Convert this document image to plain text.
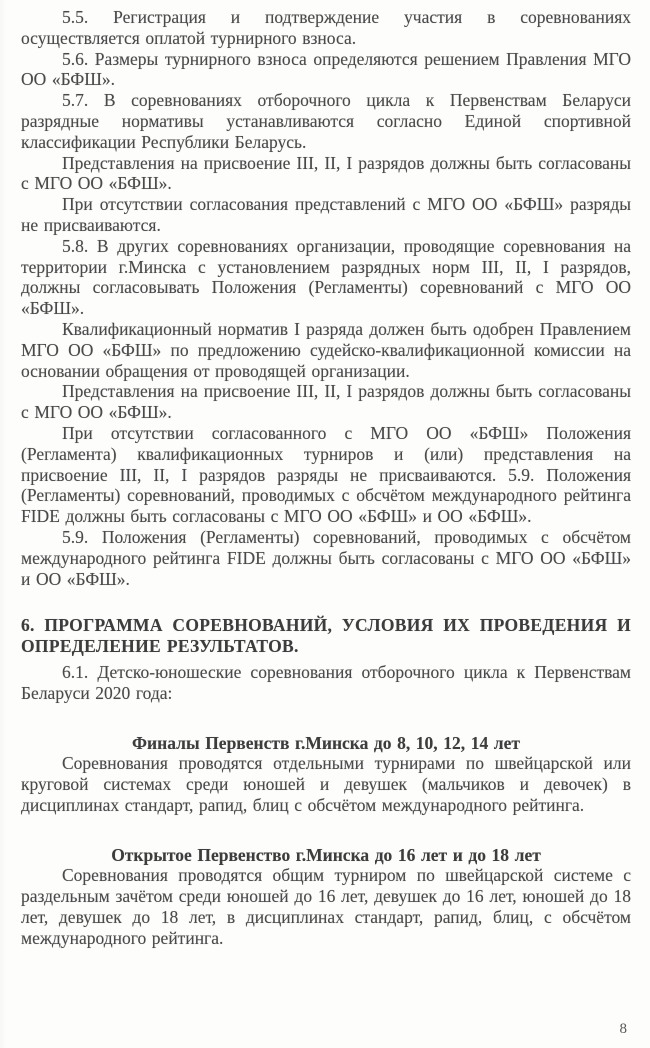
5.5. Регистрация и подтверждение участия в соревнованиях осуществляется оплатой турнирного взноса.

5.6. Размеры турнирного взноса определяются решением Правления МГО ОО «БФШ».

5.7. В соревнованиях отборочного цикла к Первенствам Беларуси разрядные нормативы устанавливаются согласно Единой спортивной классификации Республики Беларусь.

Представления на присвоение III, II, I разрядов должны быть согласованы с МГО ОО «БФШ».

При отсутствии согласования представлений с МГО ОО «БФШ» разряды не присваиваются.

5.8. В других соревнованиях организации, проводящие соревнования на территории г.Минска с установлением разрядных норм III, II, I разрядов, должны согласовывать Положения (Регламенты) соревнований с МГО ОО «БФШ».

Квалификационный норматив I разряда должен быть одобрен Правлением МГО ОО «БФШ» по предложению судейско-квалификационной комиссии на основании обращения от проводящей организации.

Представления на присвоение III, II, I разрядов должны быть согласованы с МГО ОО «БФШ».

При отсутствии согласованного с МГО ОО «БФШ» Положения (Регламента) квалификационных турниров и (или) представления на присвоение III, II, I разрядов разряды не присваиваются. 5.9. Положения (Регламенты) соревнований, проводимых с обсчётом международного рейтинга FIDE должны быть согласованы с МГО ОО «БФШ» и ОО «БФШ».

5.9. Положения (Регламенты) соревнований, проводимых с обсчётом международного рейтинга FIDE должны быть согласованы с МГО ОО «БФШ» и ОО «БФШ».

6. ПРОГРАММА СОРЕВНОВАНИЙ, УСЛОВИЯ ИХ ПРОВЕДЕНИЯ И ОПРЕДЕЛЕНИЕ РЕЗУЛЬТАТОВ.

6.1. Детско-юношеские соревнования отборочного цикла к Первенствам Беларуси 2020 года:

Финалы Первенств г.Минска до 8, 10, 12, 14 лет

Соревнования проводятся отдельными турнирами по швейцарской или круговой системах среди юношей и девушек (мальчиков и девочек) в дисциплинах стандарт, рапид, блиц с обсчётом международного рейтинга.

Открытое Первенство г.Минска до 16 лет и до 18 лет

Соревнования проводятся общим турниром по швейцарской системе с раздельным зачётом среди юношей до 16 лет, девушек до 16 лет, юношей до 18 лет, девушек до 18 лет, в дисциплинах стандарт, рапид, блиц, с обсчётом международного рейтинга.

8
